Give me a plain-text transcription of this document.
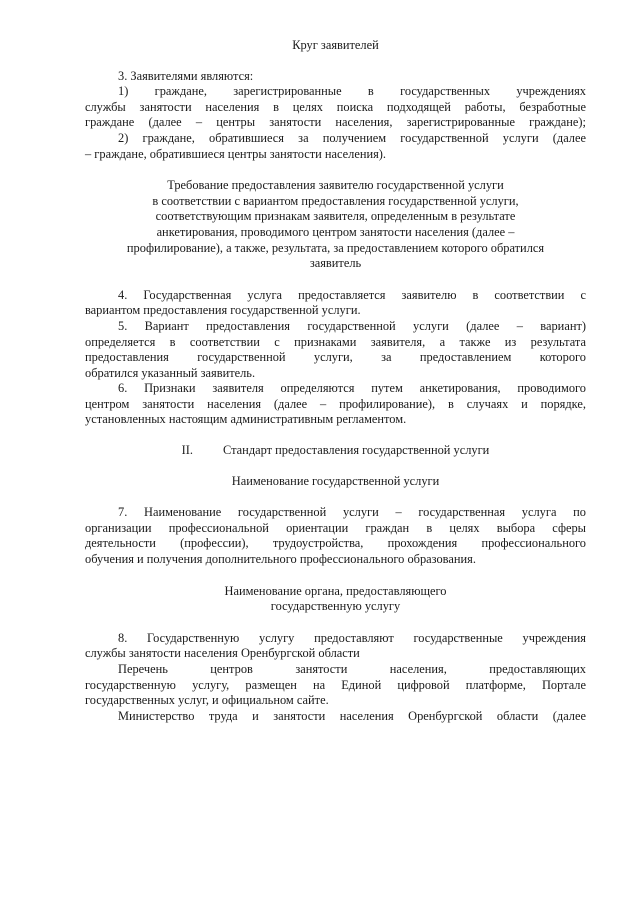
Круг заявителей
3. Заявителями являются:
1) граждане, зарегистрированные в государственных учреждениях
службы занятости населения в целях поиска подходящей работы, безработные
граждане (далее – центры занятости населения, зарегистрированные граждане);
2) граждане, обратившиеся за получением государственной услуги (далее
– граждане, обратившиеся центры занятости населения).
Требование предоставления заявителю государственной услуги
в соответствии с вариантом предоставления государственной услуги,
соответствующим признакам заявителя, определенным в результате
анкетирования, проводимого центром занятости населения (далее –
профилирование), а также, результата, за предоставлением которого обратился
заявитель
4. Государственная услуга предоставляется заявителю в соответствии с
вариантом предоставления государственной услуги.
5. Вариант предоставления государственной услуги (далее – вариант)
определяется в соответствии с признаками заявителя, а также из результата
предоставления государственной услуги, за предоставлением которого
обратился указанный заявитель.
6. Признаки заявителя определяются путем анкетирования, проводимого
центром занятости населения (далее – профилирование), в случаях и порядке,
установленных настоящим административным регламентом.
II. Стандарт предоставления государственной услуги
Наименование государственной услуги
7. Наименование государственной услуги – государственная услуга по
организации профессиональной ориентации граждан в целях выбора сферы
деятельности (профессии), трудоустройства, прохождения профессионального
обучения и получения дополнительного профессионального образования.
Наименование органа, предоставляющего
государственную услугу
8. Государственную услугу предоставляют государственные учреждения
службы занятости населения Оренбургской области
Перечень центров занятости населения, предоставляющих
государственную услугу, размещен на Единой цифровой платформе, Портале
государственных услуг, и официальном сайте.
Министерство труда и занятости населения Оренбургской области (далее
